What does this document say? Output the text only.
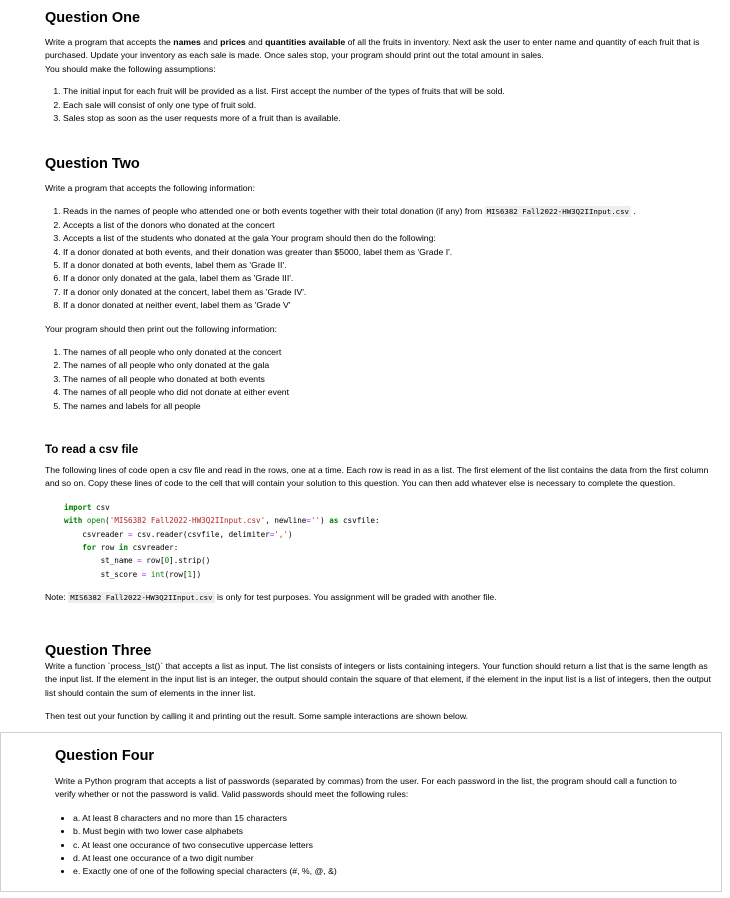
Question One

Write a program that accepts the names and prices and quantities available of all the fruits in inventory. Next ask the user to enter name and quantity of each fruit that is purchased. Update your inventory as each sale is made. Once sales stop, your program should print out the total amount in sales.
You should make the following assumptions:

1. The initial input for each fruit will be provided as a list. First accept the number of the types of fruits that will be sold.
2. Each sale will consist of only one type of fruit sold.
3. Sales stop as soon as the user requests more of a fruit than is available.
Question Two

Write a program that accepts the following information:

1. Reads in the names of people who attended one or both events together with their total donation (if any) from MIS6382 Fall2022-HW3Q2IInput.csv .
2. Accepts a list of the donors who donated at the concert
3. Accepts a list of the students who donated at the gala Your program should then do the following:
4. If a donor donated at both events, and their donation was greater than $5000, label them as 'Grade I'.
5. If a donor donated at both events, label them as 'Grade II'.
6. If a donor only donated at the gala, label them as 'Grade III'.
7. If a donor only donated at the concert, label them as 'Grade IV'.
8. If a donor donated at neither event, label them as 'Grade V'

Your program should then print out the following information:

1. The names of all people who only donated at the concert
2. The names of all people who only donated at the gala
3. The names of all people who donated at both events
4. The names of all people who did not donate at either event
5. The names and labels for all people
To read a csv file

The following lines of code open a csv file and read in the rows, one at a time. Each row is read in as a list. The first element of the list contains the data from the first column and so on. Copy these lines of code to the cell that will contain your solution to this question. You can then add whatever else is necessary to complete the question.

import csv
with open('MIS6382 Fall2022-HW3Q2IInput.csv', newline='') as csvfile:
csvreader = csv.reader(csvfile, delimiter=',')
for row in csvreader:
st_name = row[0].strip()
st_score = int(row[1])

Note: MIS6382 Fall2022-HW3Q2IInput.csv is only for test purposes. You assignment will be graded with another file.

Question Three

Write a function `process_lst()` that accepts a list as input. The list consists of integers or lists containing integers. Your function should return a list that is the same length as the input list. If the element in the input list is an integer, the output should contain the square of that element, if the element in the input list is a list of integers, then the output list should contain the sum of elements in the inner list.

Then test out your function by calling it and printing out the result. Some sample interactions are shown below.

Question Four

Write a Python program that accepts a list of passwords (separated by commas) from the user. For each password in the list, the program should call a function to verify whether or not the password is valid. Valid passwords should meet the following rules:

• a. At least 8 characters and no more than 15 characters
• b. Must begin with two lower case alphabets
• c. At least one occurance of two consecutive uppercase letters
• d. At least one occurance of a two digit number
• e. Exactly one of one of the following special characters (#, %, @, &)
